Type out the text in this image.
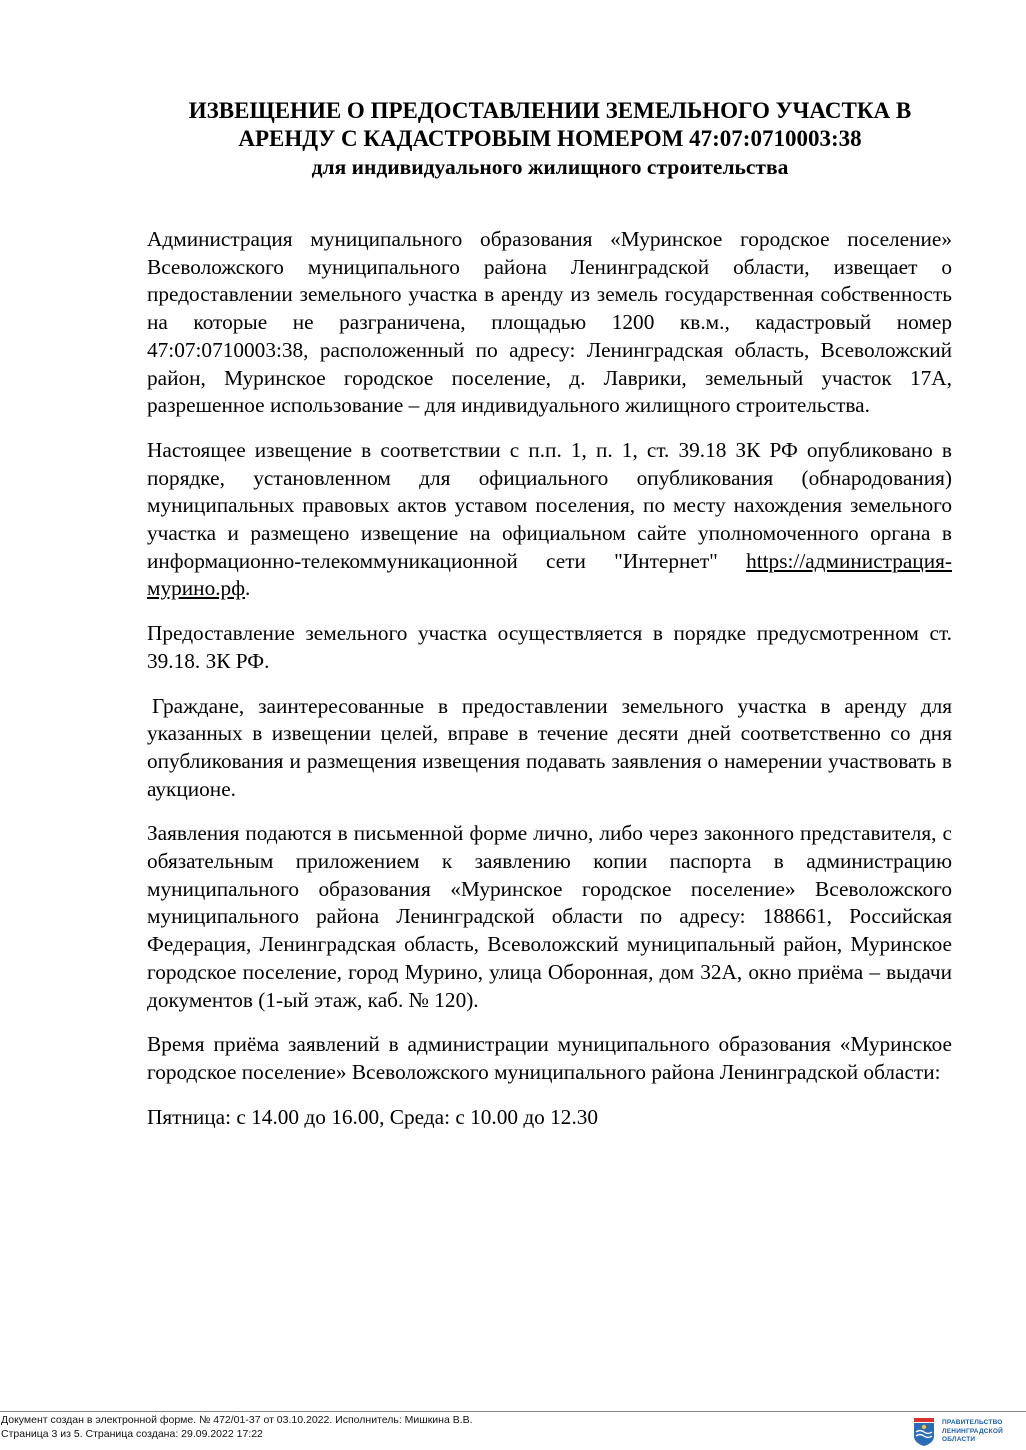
ИЗВЕЩЕНИЕ О ПРЕДОСТАВЛЕНИИ ЗЕМЕЛЬНОГО УЧАСТКА В

АРЕНДУ С КАДАСТРОВЫМ НОМЕРОМ 47:07:0710003:38

для индивидуального жилищного строительства

Администрация муниципального образования «Муринское городское поселение» Всеволожского муниципального района Ленинградской области, извещает о предоставлении земельного участка в аренду из земель государственная собственность на которые не разграничена, площадью 1200 кв.м., кадастровый номер 47:07:0710003:38, расположенный по адресу: Ленинградская область, Всеволожский район, Муринское городское поселение, д. Лаврики, земельный участок 17А, разрешенное использование – для индивидуального жилищного строительства.

Настоящее извещение в соответствии с п.п. 1, п. 1, ст. 39.18 ЗК РФ опубликовано в порядке, установленном для официального опубликования (обнародования) муниципальных правовых актов уставом поселения, по месту нахождения земельного участка и размещено извещение на официальном сайте уполномоченного органа в информационно-телекоммуникационной сети "Интернет" https://администрация-мурино.рф.

Предоставление земельного участка осуществляется в порядке предусмотренном ст. 39.18. ЗК РФ.

Граждане, заинтересованные в предоставлении земельного участка в аренду для указанных в извещении целей, вправе в течение десяти дней соответственно со дня опубликования и размещения извещения подавать заявления о намерении участвовать в аукционе.

Заявления подаются в письменной форме лично, либо через законного представителя, с обязательным приложением к заявлению копии паспорта в администрацию муниципального образования «Муринское городское поселение» Всеволожского муниципального района Ленинградской области по адресу: 188661, Российская Федерация, Ленинградская область, Всеволожский муниципальный район, Муринское городское поселение, город Мурино, улица Оборонная, дом 32А, окно приёма – выдачи документов (1-ый этаж, каб. № 120).

Время приёма заявлений в администрации муниципального образования «Муринское городское поселение» Всеволожского муниципального района Ленинградской области:

Пятница: с 14.00 до 16.00, Среда: с 10.00 до 12.30

Документ создан в электронной форме. № 472/01-37 от 03.10.2022. Исполнитель: Мишкина В.В.
Страница 3 из 5. Страница создана: 29.09.2022 17:22
ПРАВИТЕЛЬСТВО
ЛЕНИНГРАДСКОЙ
ОБЛАСТИ
